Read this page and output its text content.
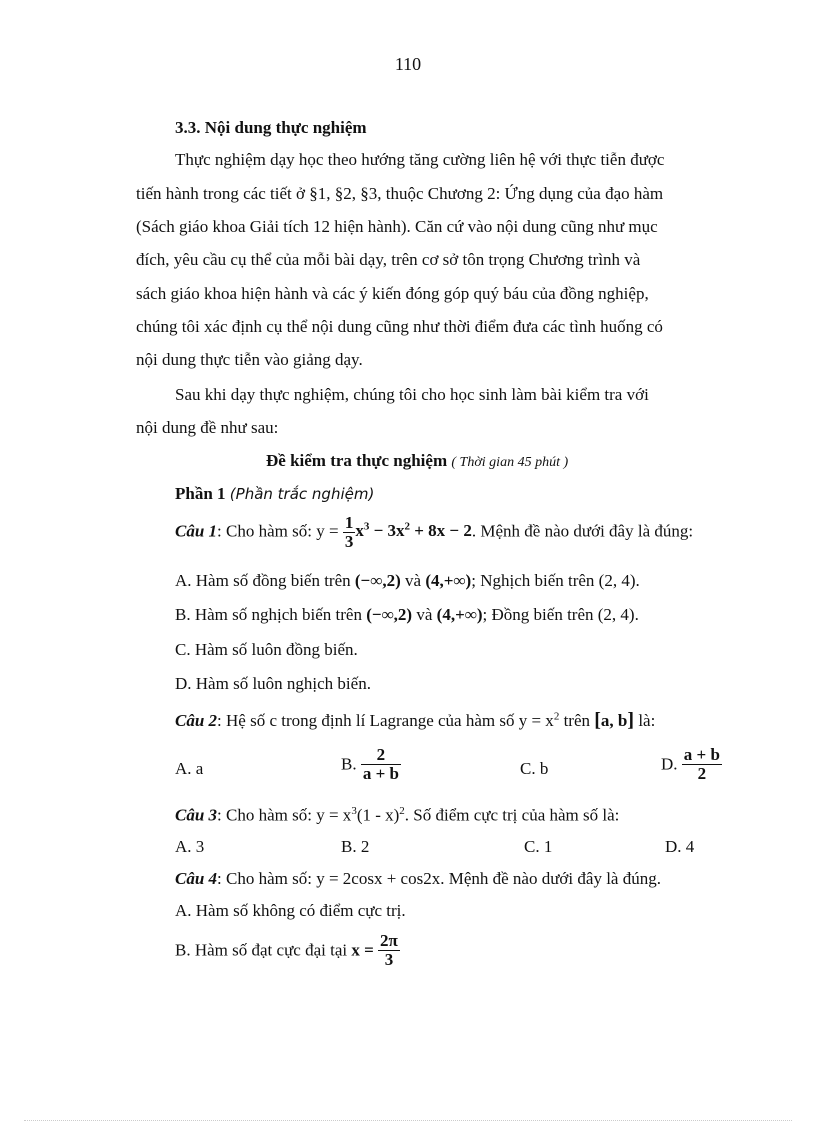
110
3.3. Nội dung thực nghiệm
Thực nghiệm dạy học theo hướng tăng cường liên hệ với thực tiễn được
tiến hành trong các tiết ở §1, §2, §3, thuộc Chương 2: Ứng dụng của đạo hàm
(Sách giáo khoa Giải tích 12 hiện hành). Căn cứ vào nội dung cũng như mục
đích, yêu cầu cụ thể của mỗi bài dạy, trên cơ sở tôn trọng Chương trình và
sách giáo khoa hiện hành và các ý kiến đóng góp quý báu của đồng nghiệp,
chúng tôi xác định cụ thể nội dung cũng như thời điểm đưa các tình huống có
nội dung thực tiễn vào giảng dạy.
Sau khi dạy thực nghiệm, chúng tôi cho học sinh làm bài kiểm tra với
nội dung đề như sau:
Đề kiểm tra thực nghiệm ( Thời gian 45 phút )
Phần 1 (Phần trắc nghiệm)
Câu 1: Cho hàm số: $y = \frac{1}{3} x^3 - 3x^2 + 8x - 2$. Mệnh đề nào dưới đây là đúng:
A. Hàm số đồng biến trên (−∞,2) và (4,+∞); Nghịch biến trên (2, 4).
B. Hàm số nghịch biến trên (−∞,2) và (4,+∞); Đồng biến trên (2, 4).
C. Hàm số luôn đồng biến.
D. Hàm số luôn nghịch biến.
Câu 2: Hệ số c trong định lí Lagrange của hàm số $y = x^2$ trên [a, b] là:
A. a	B. $\frac{2}{a + b}$	C. b	D. $\frac{a + b}{2}$
Câu 3: Cho hàm số: $y = x^3(1 - x)^2$. Số điểm cực trị của hàm số là:
A. 3	B. 2	C. 1	D. 4
Câu 4: Cho hàm số: y = 2cosx + cos2x. Mệnh đề nào dưới đây là đúng.
A. Hàm số không có điểm cực trị.
B. Hàm số đạt cực đại tại $x = \frac{2\pi}{3}$
